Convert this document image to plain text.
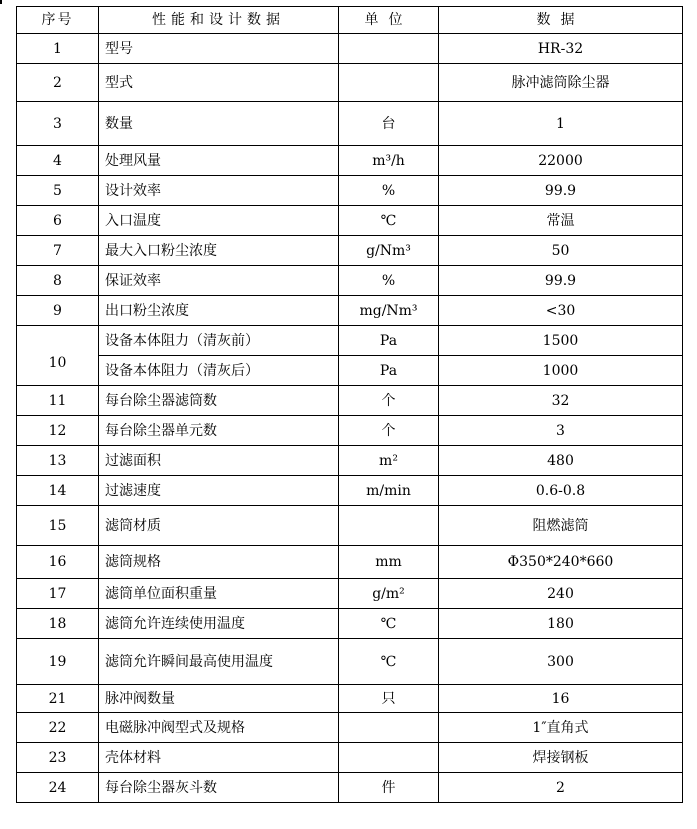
序号	性能和设计数据	单位	数据
1	型号		HR-32
2	型式		脉冲滤筒除尘器
3	数量	台	1
4	处理风量	m³/h	22000
5	设计效率	%	99.9
6	入口温度	℃	常温
7	最大入口粉尘浓度	g/Nm³	50
8	保证效率	%	99.9
9	出口粉尘浓度	mg/Nm³	<30
10	设备本体阻力（清灰前）	Pa	1500
	设备本体阻力（清灰后）	Pa	1000
11	每台除尘器滤筒数	个	32
12	每台除尘器单元数	个	3
13	过滤面积	m²	480
14	过滤速度	m/min	0.6-0.8
15	滤筒材质		阻燃滤筒
16	滤筒规格	mm	Φ350*240*660
17	滤筒单位面积重量	g/m²	240
18	滤筒允许连续使用温度	℃	180
19	滤筒允许瞬间最高使用温度	℃	300
21	脉冲阀数量	只	16
22	电磁脉冲阀型式及规格		1″直角式
23	壳体材料		焊接钢板
24	每台除尘器灰斗数	件	2
